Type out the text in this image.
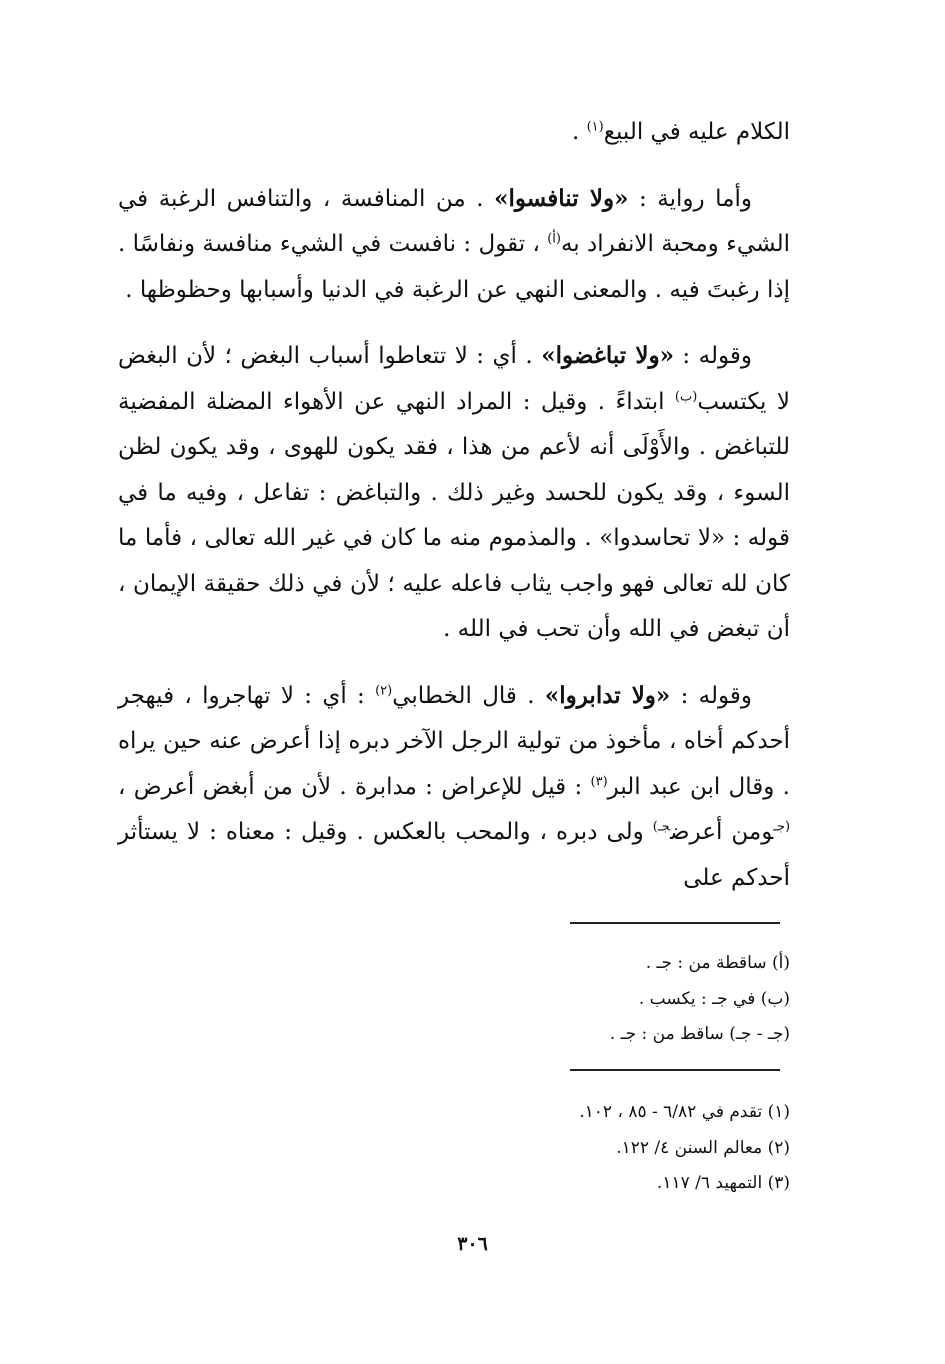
الكلام عليه في البيع$^{(١)}$ .

وأما رواية : «ولا تنافسوا» . من المنافسة ، والتنافس الرغبة في الشيء ومحبة الانفراد به$^{(أ)}$ ، تقول : نافست في الشيء منافسة ونفاسًا . إذا رغبتَ فيه . والمعنى النهي عن الرغبة في الدنيا وأسبابها وحظوظها .

وقوله : «ولا تباغضوا» . أي : لا تتعاطوا أسباب البغض ؛ لأن البغض لا يكتسب$^{(ب)}$ ابتداءً . وقيل : المراد النهي عن الأهواء المضلة المفضية للتباغض . والأَوْلَى أنه لأعم من هذا ، فقد يكون للهوى ، وقد يكون لظن السوء ، وقد يكون للحسد وغير ذلك . والتباغض : تفاعل ، وفيه ما في قوله : «لا تحاسدوا» . والمذموم منه ما كان في غير الله تعالى ، فأما ما كان لله تعالى فهو واجب يثاب فاعله عليه ؛ لأن في ذلك حقيقة الإيمان ، أن تبغض في الله وأن تحب في الله .

وقوله : «ولا تدابروا» . قال الخطابي$^{(٢)}$ : أي : لا تهاجروا ، فيهجر أحدكم أخاه ، مأخوذ من تولية الرجل الآخر دبره إذا أعرض عنه حين يراه . وقال ابن عبد البر$^{(٣)}$ : قيل للإعراض : مدابرة . لأن من أبغض أعرض ، $^{(جـ}$ومن أعرض$^{جـ)}$ ولى دبره ، والمحب بالعكس . وقيل : معناه : لا يستأثر أحدكم على

(أ) ساقطة من : جـ .
(ب) في جـ : يكسب .
(جـ - جـ) ساقط من : جـ .
(١) تقدم في ٦/٨٢ - ٨٥ ، ١٠٢.
(٢) معالم السنن ٤/ ١٢٢.
(٣) التمهيد ٦/ ١١٧.
٣٠٦
